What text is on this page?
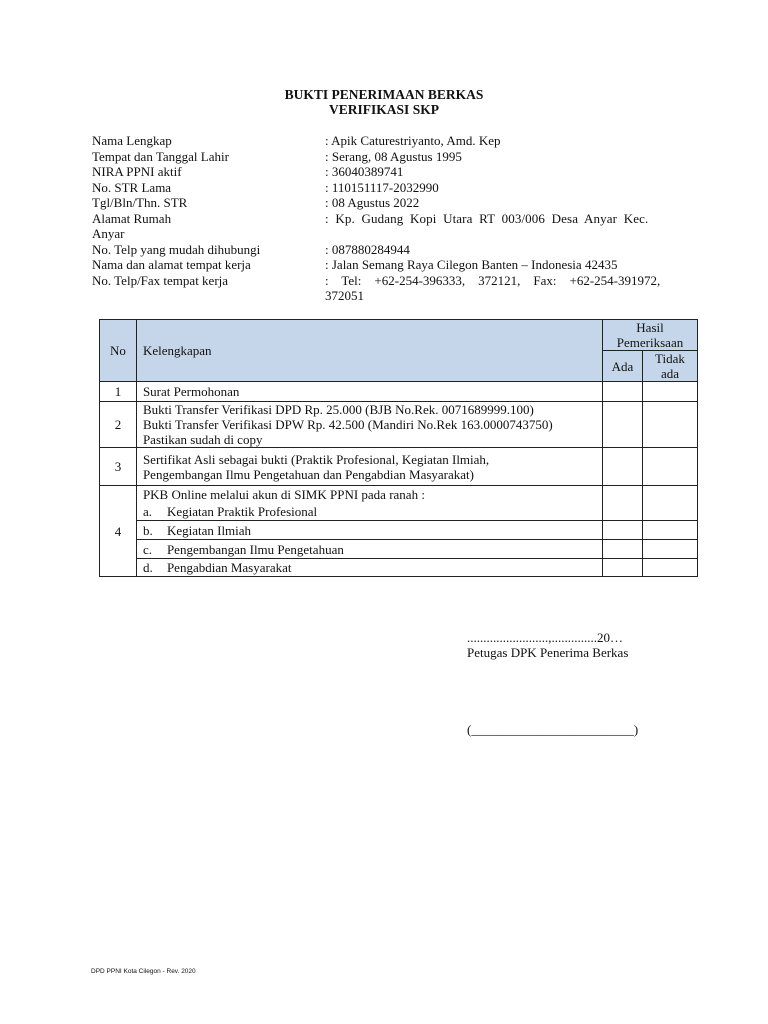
BUKTI PENERIMAAN BERKAS
VERIFIKASI SKP
Nama Lengkap	: Apik Caturestriyanto, Amd. Kep
Tempat dan Tanggal Lahir	: Serang, 08 Agustus 1995
NIRA PPNI aktif	: 36040389741
No. STR Lama	: 110151117-2032990
Tgl/Bln/Thn. STR	: 08 Agustus 2022
Alamat Rumah	:  Kp.  Gudang  Kopi  Utara  RT  003/006  Desa  Anyar  Kec.
Anyar
No. Telp yang mudah dihubungi	: 087880284944
Nama dan alamat tempat kerja	: Jalan Semang Raya Cilegon Banten – Indonesia 42435
No. Telp/Fax tempat kerja	:    Tel:    +62-254-396333,    372121,    Fax:    +62-254-391972,
372051
No	Kelengkapan	Hasil Pemeriksaan	
		Ada	Tidak ada
1	Surat Permohonan		
2	Bukti Transfer Verifikasi DPD Rp. 25.000 (BJB No.Rek. 0071689999.100)
Bukti Transfer Verifikasi DPW Rp. 42.500 (Mandiri No.Rek 163.0000743750)
Pastikan sudah di copy		

3	Sertifikat Asli sebagai bukti (Praktik Profesional, Kegiatan Ilmiah,
Pengembangan Ilmu Pengetahuan dan Pengabdian Masyarakat)		

4	PKB Online melalui akun di SIMK PPNI pada ranah :
a. Kegiatan Praktik Profesional		

	b. Kegiatan Ilmiah		

	c. Pengembangan Ilmu Pengetahuan		

	d. Pengabdian Masyarakat		

.........................,..............20…
Petugas DPK Penerima Berkas
(_________________________)
DPD PPNI Kota Cilegon - Rev. 2020
